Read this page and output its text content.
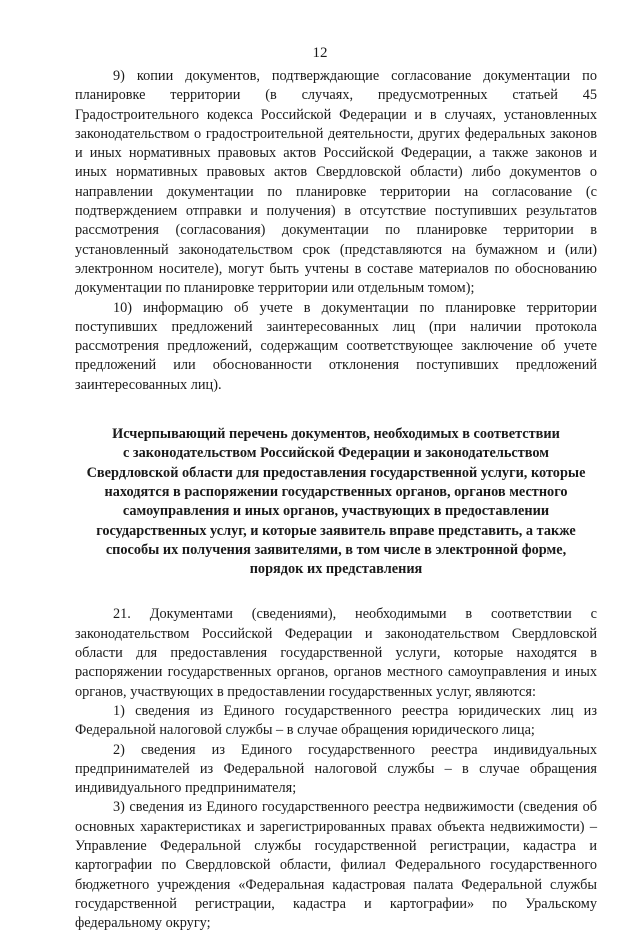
12

9) копии документов, подтверждающие согласование документации по планировке территории (в случаях, предусмотренных статьей 45 Градостроительного кодекса Российской Федерации и в случаях, установленных законодательством о градостроительной деятельности, других федеральных законов и иных нормативных правовых актов Российской Федерации, а также законов и иных нормативных правовых актов Свердловской области) либо документов о направлении документации по планировке территории на согласование (с подтверждением отправки и получения) в отсутствие поступивших результатов рассмотрения (согласования) документации по планировке территории в установленный законодательством срок (представляются на бумажном и (или) электронном носителе), могут быть учтены в составе материалов по обоснованию документации по планировке территории или отдельным томом);

10) информацию об учете в документации по планировке территории поступивших предложений заинтересованных лиц (при наличии протокола рассмотрения предложений, содержащим соответствующее заключение об учете предложений или обоснованности отклонения поступивших предложений заинтересованных лиц).

Исчерпывающий перечень документов, необходимых в соответствии
с законодательством Российской Федерации и законодательством
Свердловской области для предоставления государственной услуги, которые
находятся в распоряжении государственных органов, органов местного
самоуправления и иных органов, участвующих в предоставлении
государственных услуг, и которые заявитель вправе представить, а также
способы их получения заявителями, в том числе в электронной форме,
порядок их представления

21. Документами (сведениями), необходимыми в соответствии с законодательством Российской Федерации и законодательством Свердловской области для предоставления государственной услуги, которые находятся в распоряжении государственных органов, органов местного самоуправления и иных органов, участвующих в предоставлении государственных услуг, являются:

1) сведения из Единого государственного реестра юридических лиц из Федеральной налоговой службы – в случае обращения юридического лица;

2) сведения из Единого государственного реестра индивидуальных предпринимателей из Федеральной налоговой службы – в случае обращения индивидуального предпринимателя;

3) сведения из Единого государственного реестра недвижимости (сведения об основных характеристиках и зарегистрированных правах объекта недвижимости) – Управление Федеральной службы государственной регистрации, кадастра и картографии по Свердловской области, филиал Федерального государственного бюджетного учреждения «Федеральная кадастровая палата Федеральной службы государственной регистрации, кадастра и картографии» по Уральскому федеральному округу;
